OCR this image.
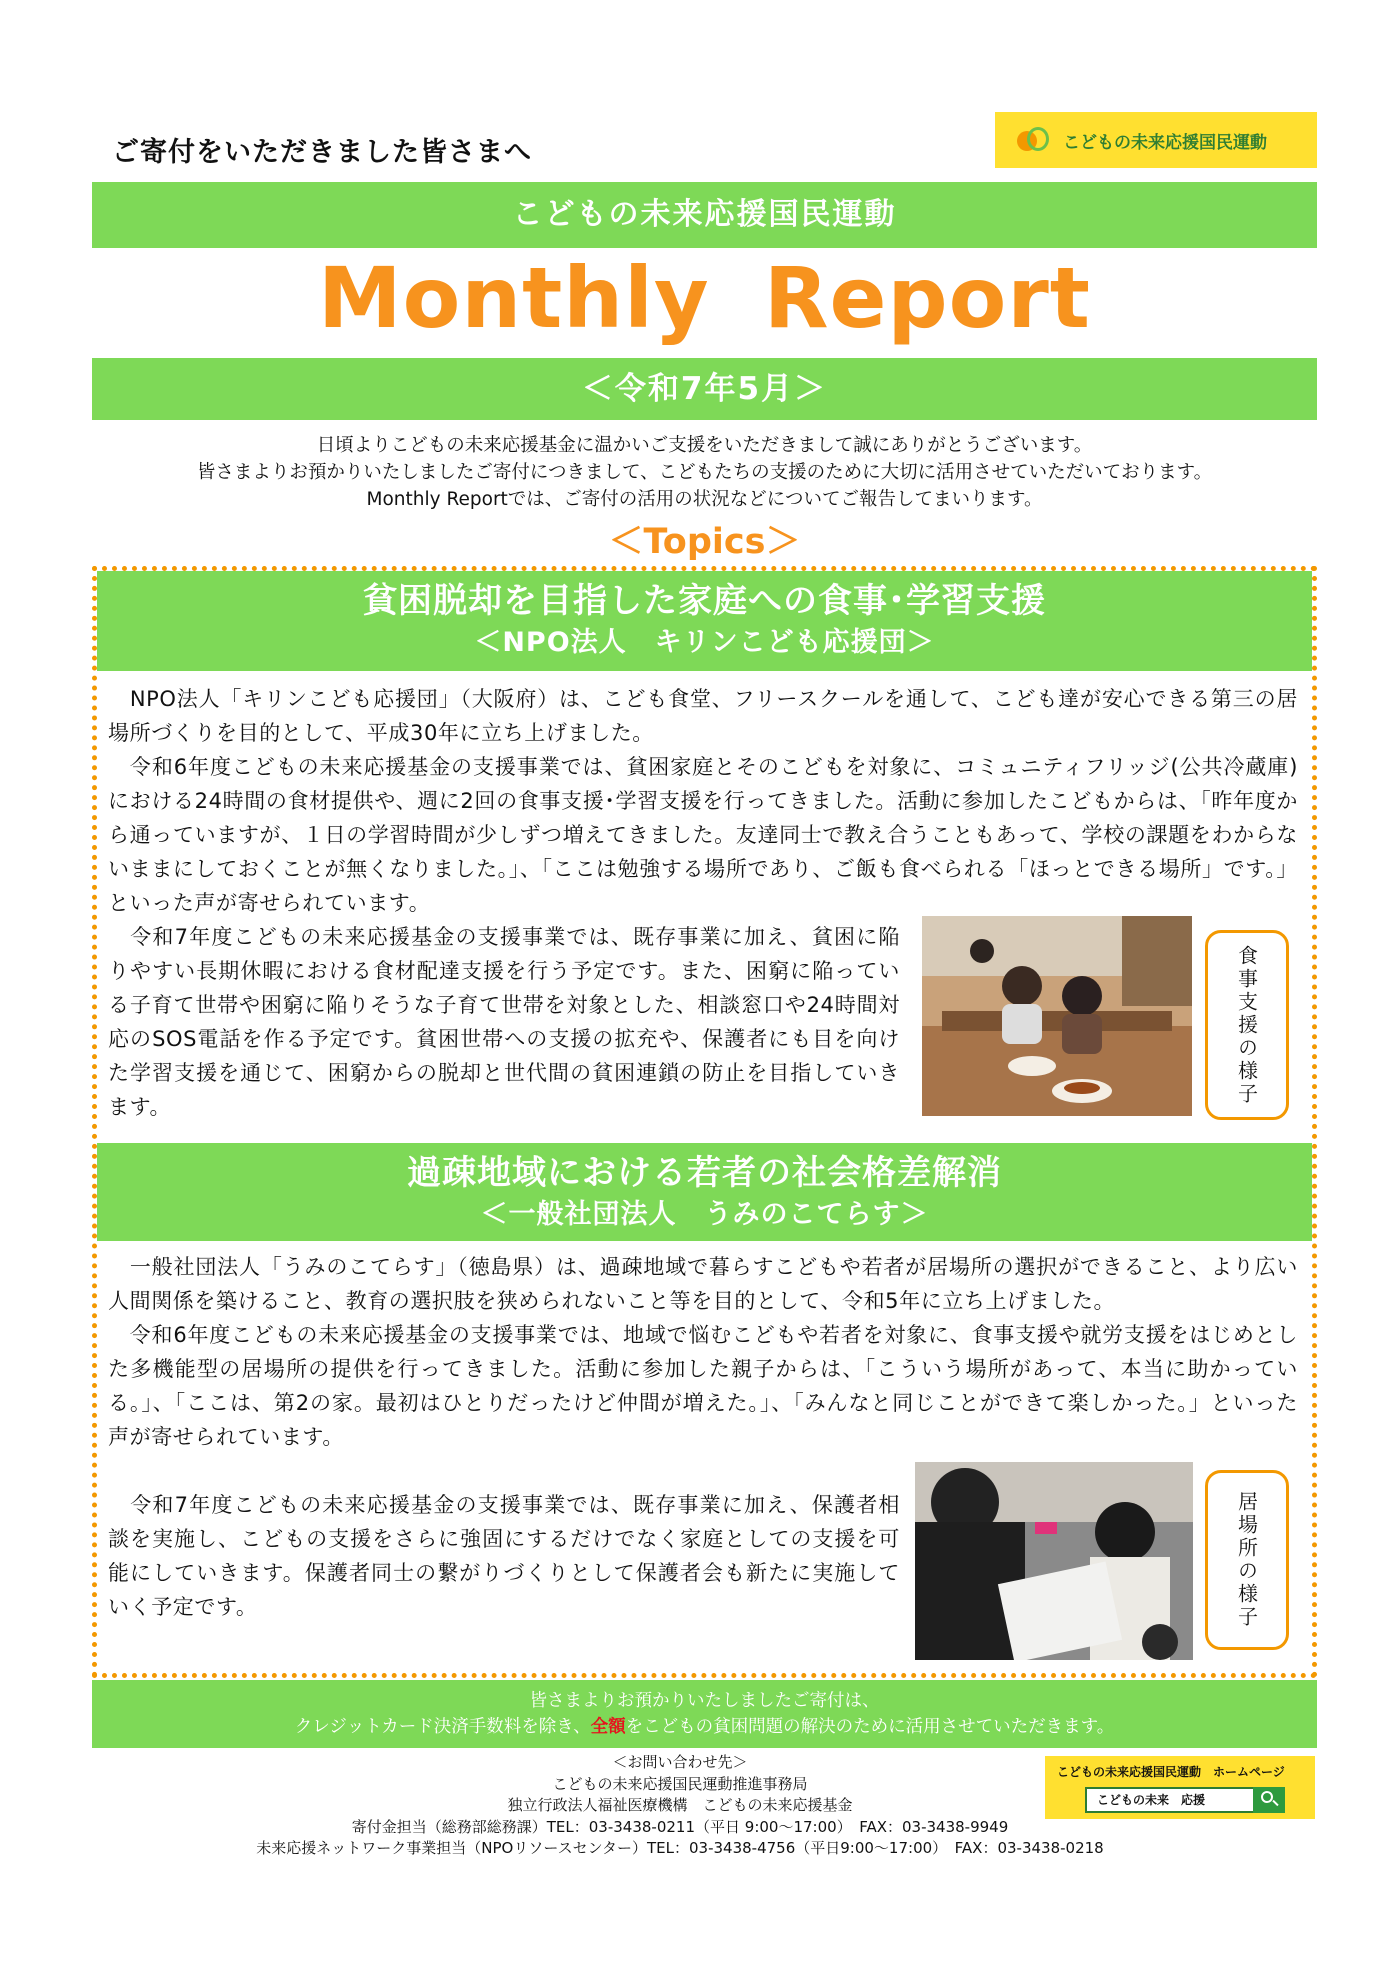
ご寄付をいただきました皆さまへ	こどもの未来応援国民運動
こどもの未来応援国民運動
Monthly Report
＜令和7年5月＞
日頃よりこどもの未来応援基金に温かいご支援をいただきまして誠にありがとうございます。
皆さまよりお預かりいたしましたご寄付につきまして、こどもたちの支援のために大切に活用させていただいております。
Monthly Reportでは、ご寄付の活用の状況などについてご報告してまいります。
＜Topics＞
貧困脱却を目指した家庭への食事･学習支援
＜NPO法人　キリンこども応援団＞

　NPO法人「キリンこども応援団」（大阪府）は、こども食堂、フリースクールを通して、こども達が安心できる第三の居場所づくりを目的として、平成30年に立ち上げました。

　令和6年度こどもの未来応援基金の支援事業では、貧困家庭とそのこどもを対象に、コミュニティフリッジ(公共冷蔵庫)における24時間の食材提供や、週に2回の食事支援･学習支援を行ってきました。活動に参加したこどもからは、「昨年度から通っていますが、１日の学習時間が少しずつ増えてきました。友達同士で教え合うこともあって、学校の課題をわからないままにしておくことが無くなりました。」、「ここは勉強する場所であり、ご飯も食べられる「ほっとできる場所」です。」といった声が寄せられています。

　令和7年度こどもの未来応援基金の支援事業では、既存事業に加え、貧困に陥りやすい長期休暇における食材配達支援を行う予定です。また、困窮に陥っている子育て世帯や困窮に陥りそうな子育て世帯を対象とした、相談窓口や24時間対応のSOS電話を作る予定です。貧困世帯への支援の拡充や、保護者にも目を向けた学習支援を通じて、困窮からの脱却と世代間の貧困連鎖の防止を目指していきます。
食事支援の様子
過疎地域における若者の社会格差解消
＜一般社団法人　うみのこてらす＞

　一般社団法人「うみのこてらす」（徳島県）は、過疎地域で暮らすこどもや若者が居場所の選択ができること、より広い人間関係を築けること、教育の選択肢を狭められないこと等を目的として、令和5年に立ち上げました。

　令和6年度こどもの未来応援基金の支援事業では、地域で悩むこどもや若者を対象に、食事支援や就労支援をはじめとした多機能型の居場所の提供を行ってきました。活動に参加した親子からは、「こういう場所があって、本当に助かっている。」、「ここは、第2の家。最初はひとりだったけど仲間が増えた。」、「みんなと同じことができて楽しかった。」といった声が寄せられています。

　令和7年度こどもの未来応援基金の支援事業では、既存事業に加え、保護者相談を実施し、こどもの支援をさらに強固にするだけでなく家庭としての支援を可能にしていきます。保護者同士の繋がりづくりとして保護者会も新たに実施していく予定です。	居場所の様子
皆さまよりお預かりいたしましたご寄付は、
クレジットカード決済手数料を除き、全額をこどもの貧困問題の解決のために活用させていただきます。
＜お問い合わせ先＞
こどもの未来応援国民運動推進事務局
独立行政法人福祉医療機構　こどもの未来応援基金
寄付金担当（総務部総務課）TEL：03-3438-0211（平日 9:00～17:00）　FAX：03-3438-9949
未来応援ネットワーク事業担当（NPOリソースセンター）TEL：03-3438-4756（平日9:00～17:00）　FAX：03-3438-0218
こどもの未来応援国民運動　ホームページ
こどもの未来　応援
